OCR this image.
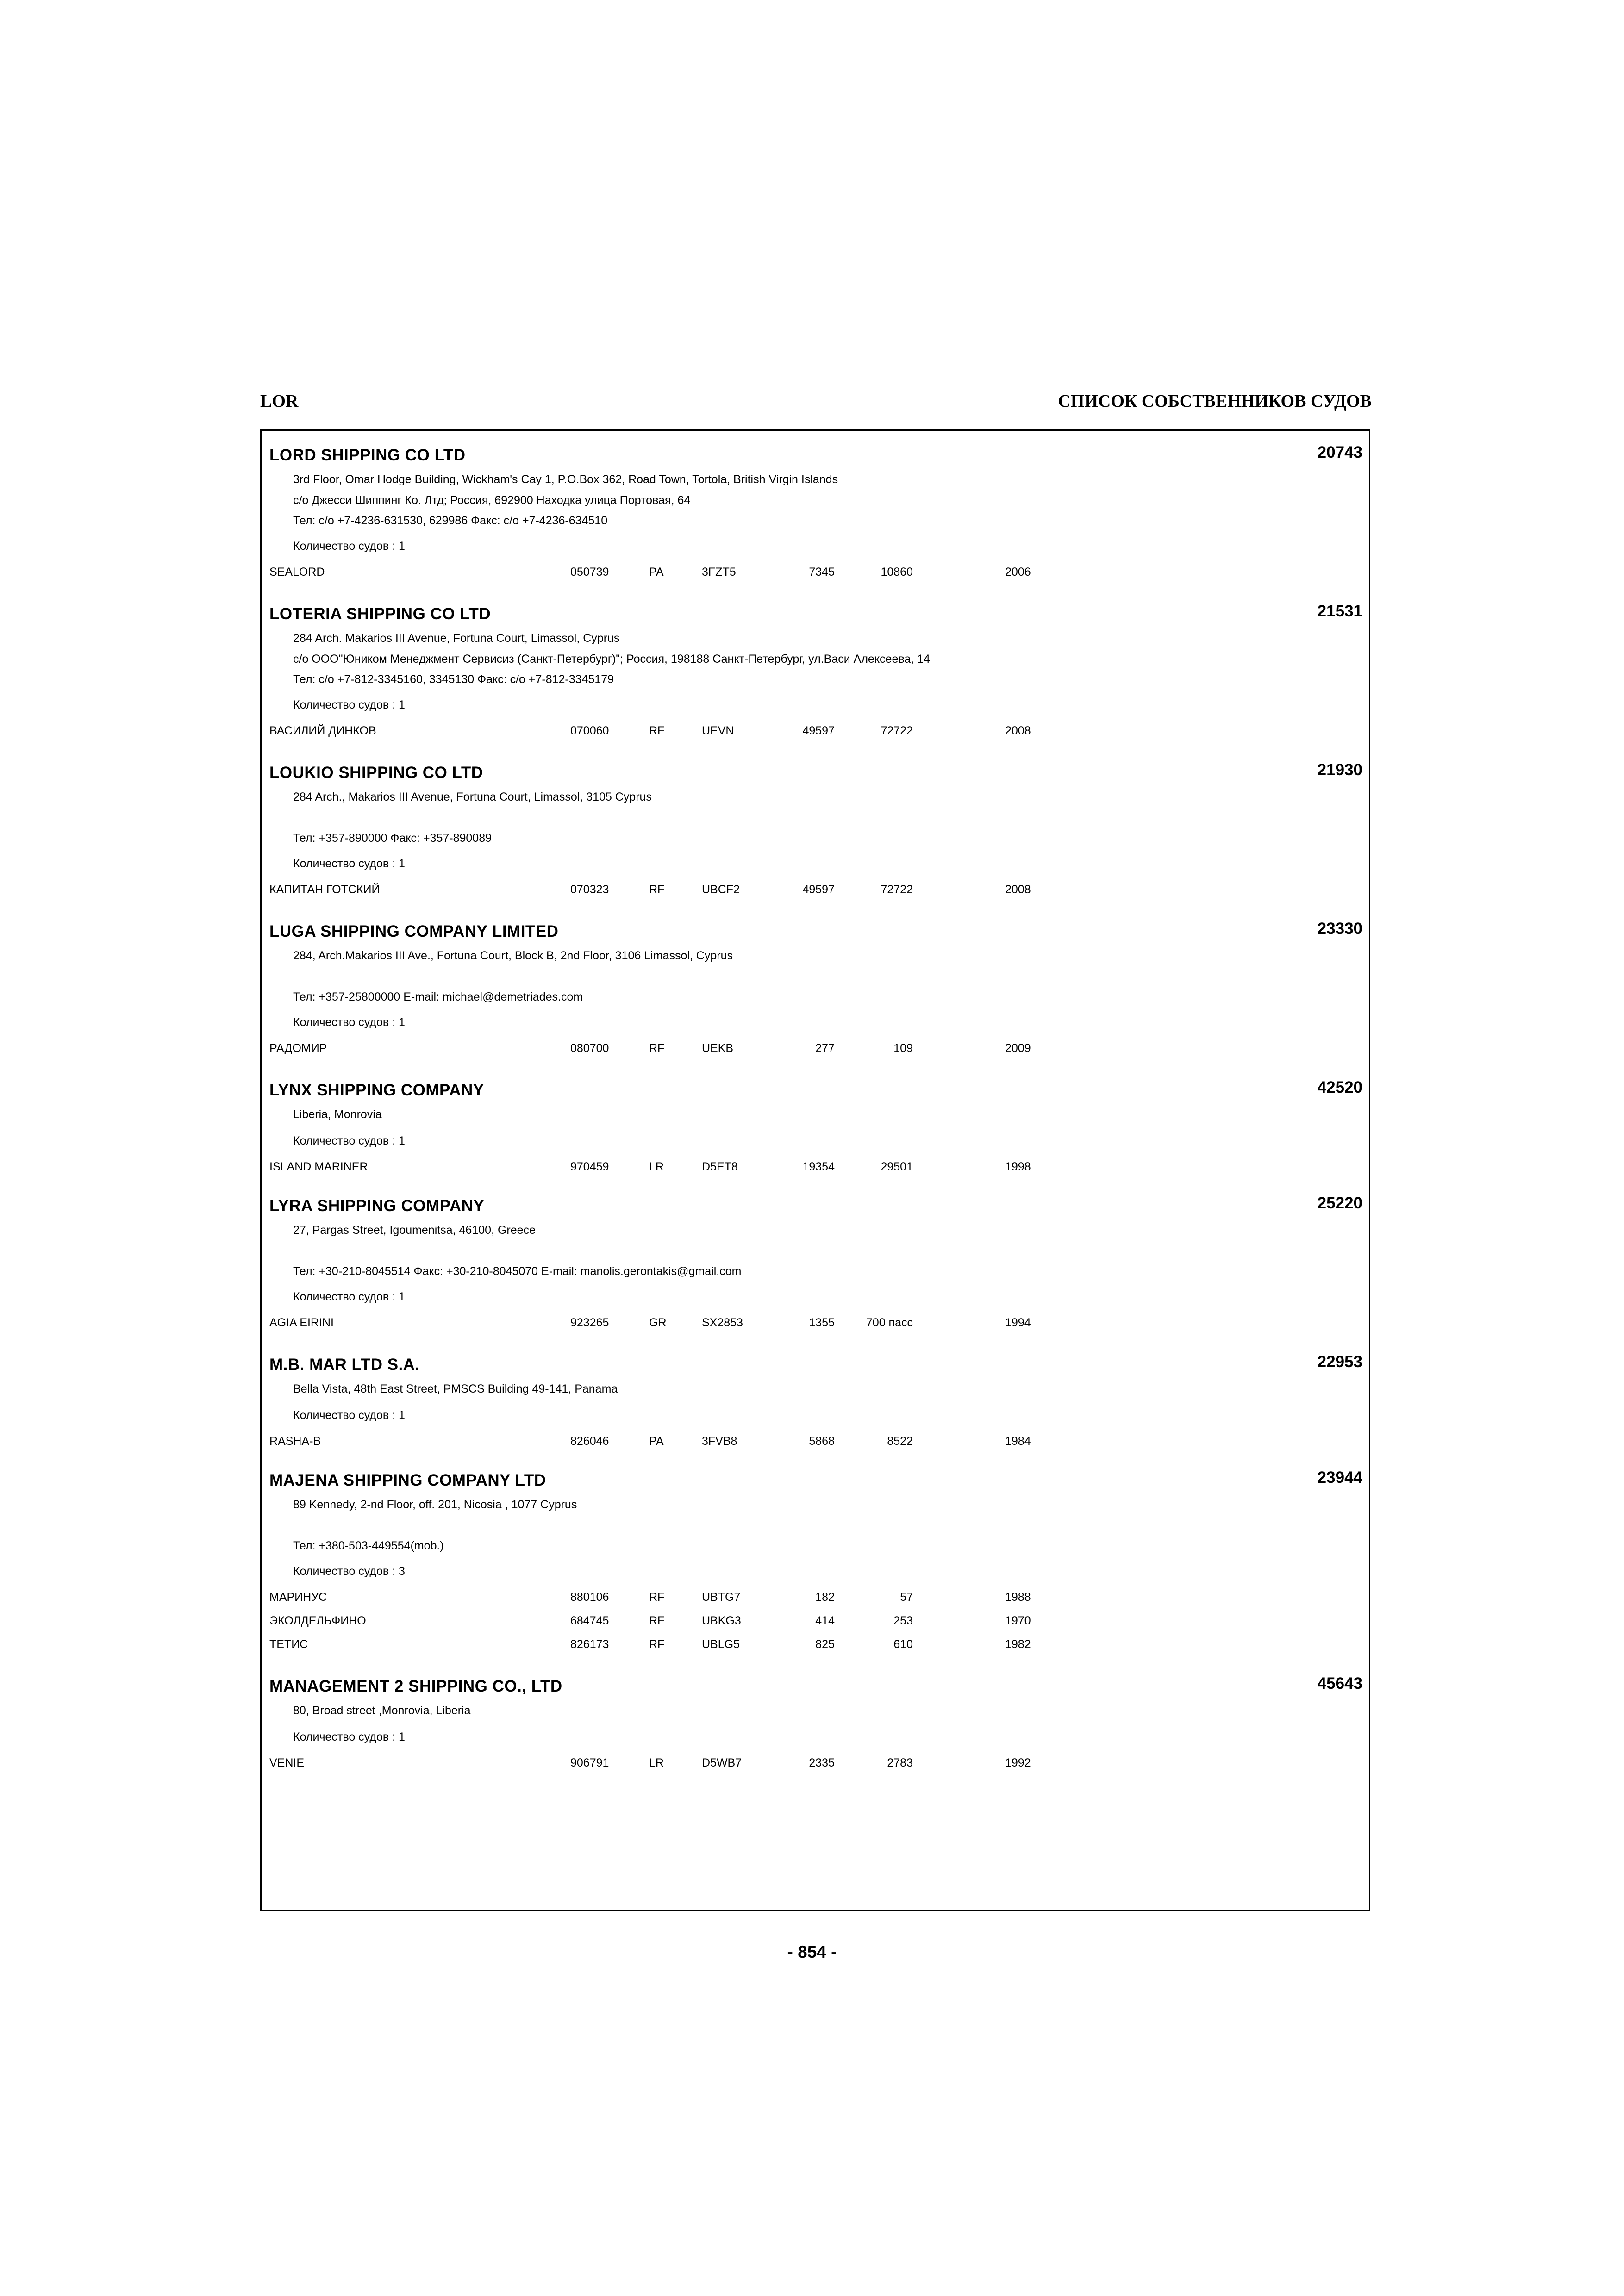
LOR	СПИСОК СОБСТВЕННИКОВ СУДОВ
LORD SHIPPING CO LTD	20743
3rd Floor, Omar Hodge Building, Wickham's Cay 1, P.O.Box 362, Road Town, Tortola, British Virgin Islands
c/o Джесси Шиппинг Ко. Лтд; Россия, 692900 Находка улица Портовая, 64
Тел: c/o +7-4236-631530, 629986 Факс: c/o +7-4236-634510
Количество судов : 1
SEALORD	050739	PA	3FZT5	7345	10860	2006
LOTERIA SHIPPING CO LTD	21531
284 Arch. Makarios III Avenue, Fortuna Court, Limassol, Cyprus
c/o ООО"Юником Менеджмент Сервисиз (Санкт-Петербург)"; Россия, 198188 Санкт-Петербург, ул.Васи Алексеева, 14
Тел: c/o +7-812-3345160, 3345130 Факс: c/o +7-812-3345179
Количество судов : 1
ВАСИЛИЙ ДИНКОВ	070060	RF	UEVN	49597	72722	2008
LOUKIO SHIPPING CO LTD	21930
284 Arch., Makarios III Avenue, Fortuna Court, Limassol, 3105 Cyprus
Тел: +357-890000 Факс: +357-890089
Количество судов : 1
КАПИТАН ГОТСКИЙ	070323	RF	UBCF2	49597	72722	2008
LUGA SHIPPING COMPANY LIMITED	23330
284, Arch.Makarios III Ave., Fortuna Court, Block B, 2nd Floor, 3106 Limassol, Cyprus
Тел: +357-25800000 E-mail: michael@demetriades.com
Количество судов : 1
РАДОМИР	080700	RF	UEKB	277	109	2009
LYNX SHIPPING COMPANY	42520
Liberia, Monrovia
Количество судов : 1
ISLAND MARINER	970459	LR	D5ET8	19354	29501	1998
LYRA SHIPPING COMPANY	25220
27, Pargas Street, Igoumenitsa, 46100, Greece
Тел: +30-210-8045514 Факс: +30-210-8045070 E-mail: manolis.gerontakis@gmail.com
Количество судов : 1
AGIA EIRINI	923265	GR	SX2853	1355	700 пасс	1994
M.B. MAR LTD S.A.	22953
Bella Vista, 48th East Street, PMSCS Building 49-141, Panama
Количество судов : 1
RASHA-B	826046	PA	3FVB8	5868	8522	1984
MAJENA SHIPPING COMPANY LTD	23944
89 Kennedy, 2-nd Floor, off. 201, Nicosia , 1077 Cyprus
Тел: +380-503-449554(mob.)
Количество судов : 3
МАРИНУС	880106	RF	UBTG7	182	57	1988
ЭКОЛДЕЛЬФИНО	684745	RF	UBKG3	414	253	1970
ТЕТИС	826173	RF	UBLG5	825	610	1982
MANAGEMENT 2 SHIPPING CO., LTD	45643
80, Broad street ,Monrovia, Liberia
Количество судов : 1
VENIE	906791	LR	D5WB7	2335	2783	1992
- 854 -
